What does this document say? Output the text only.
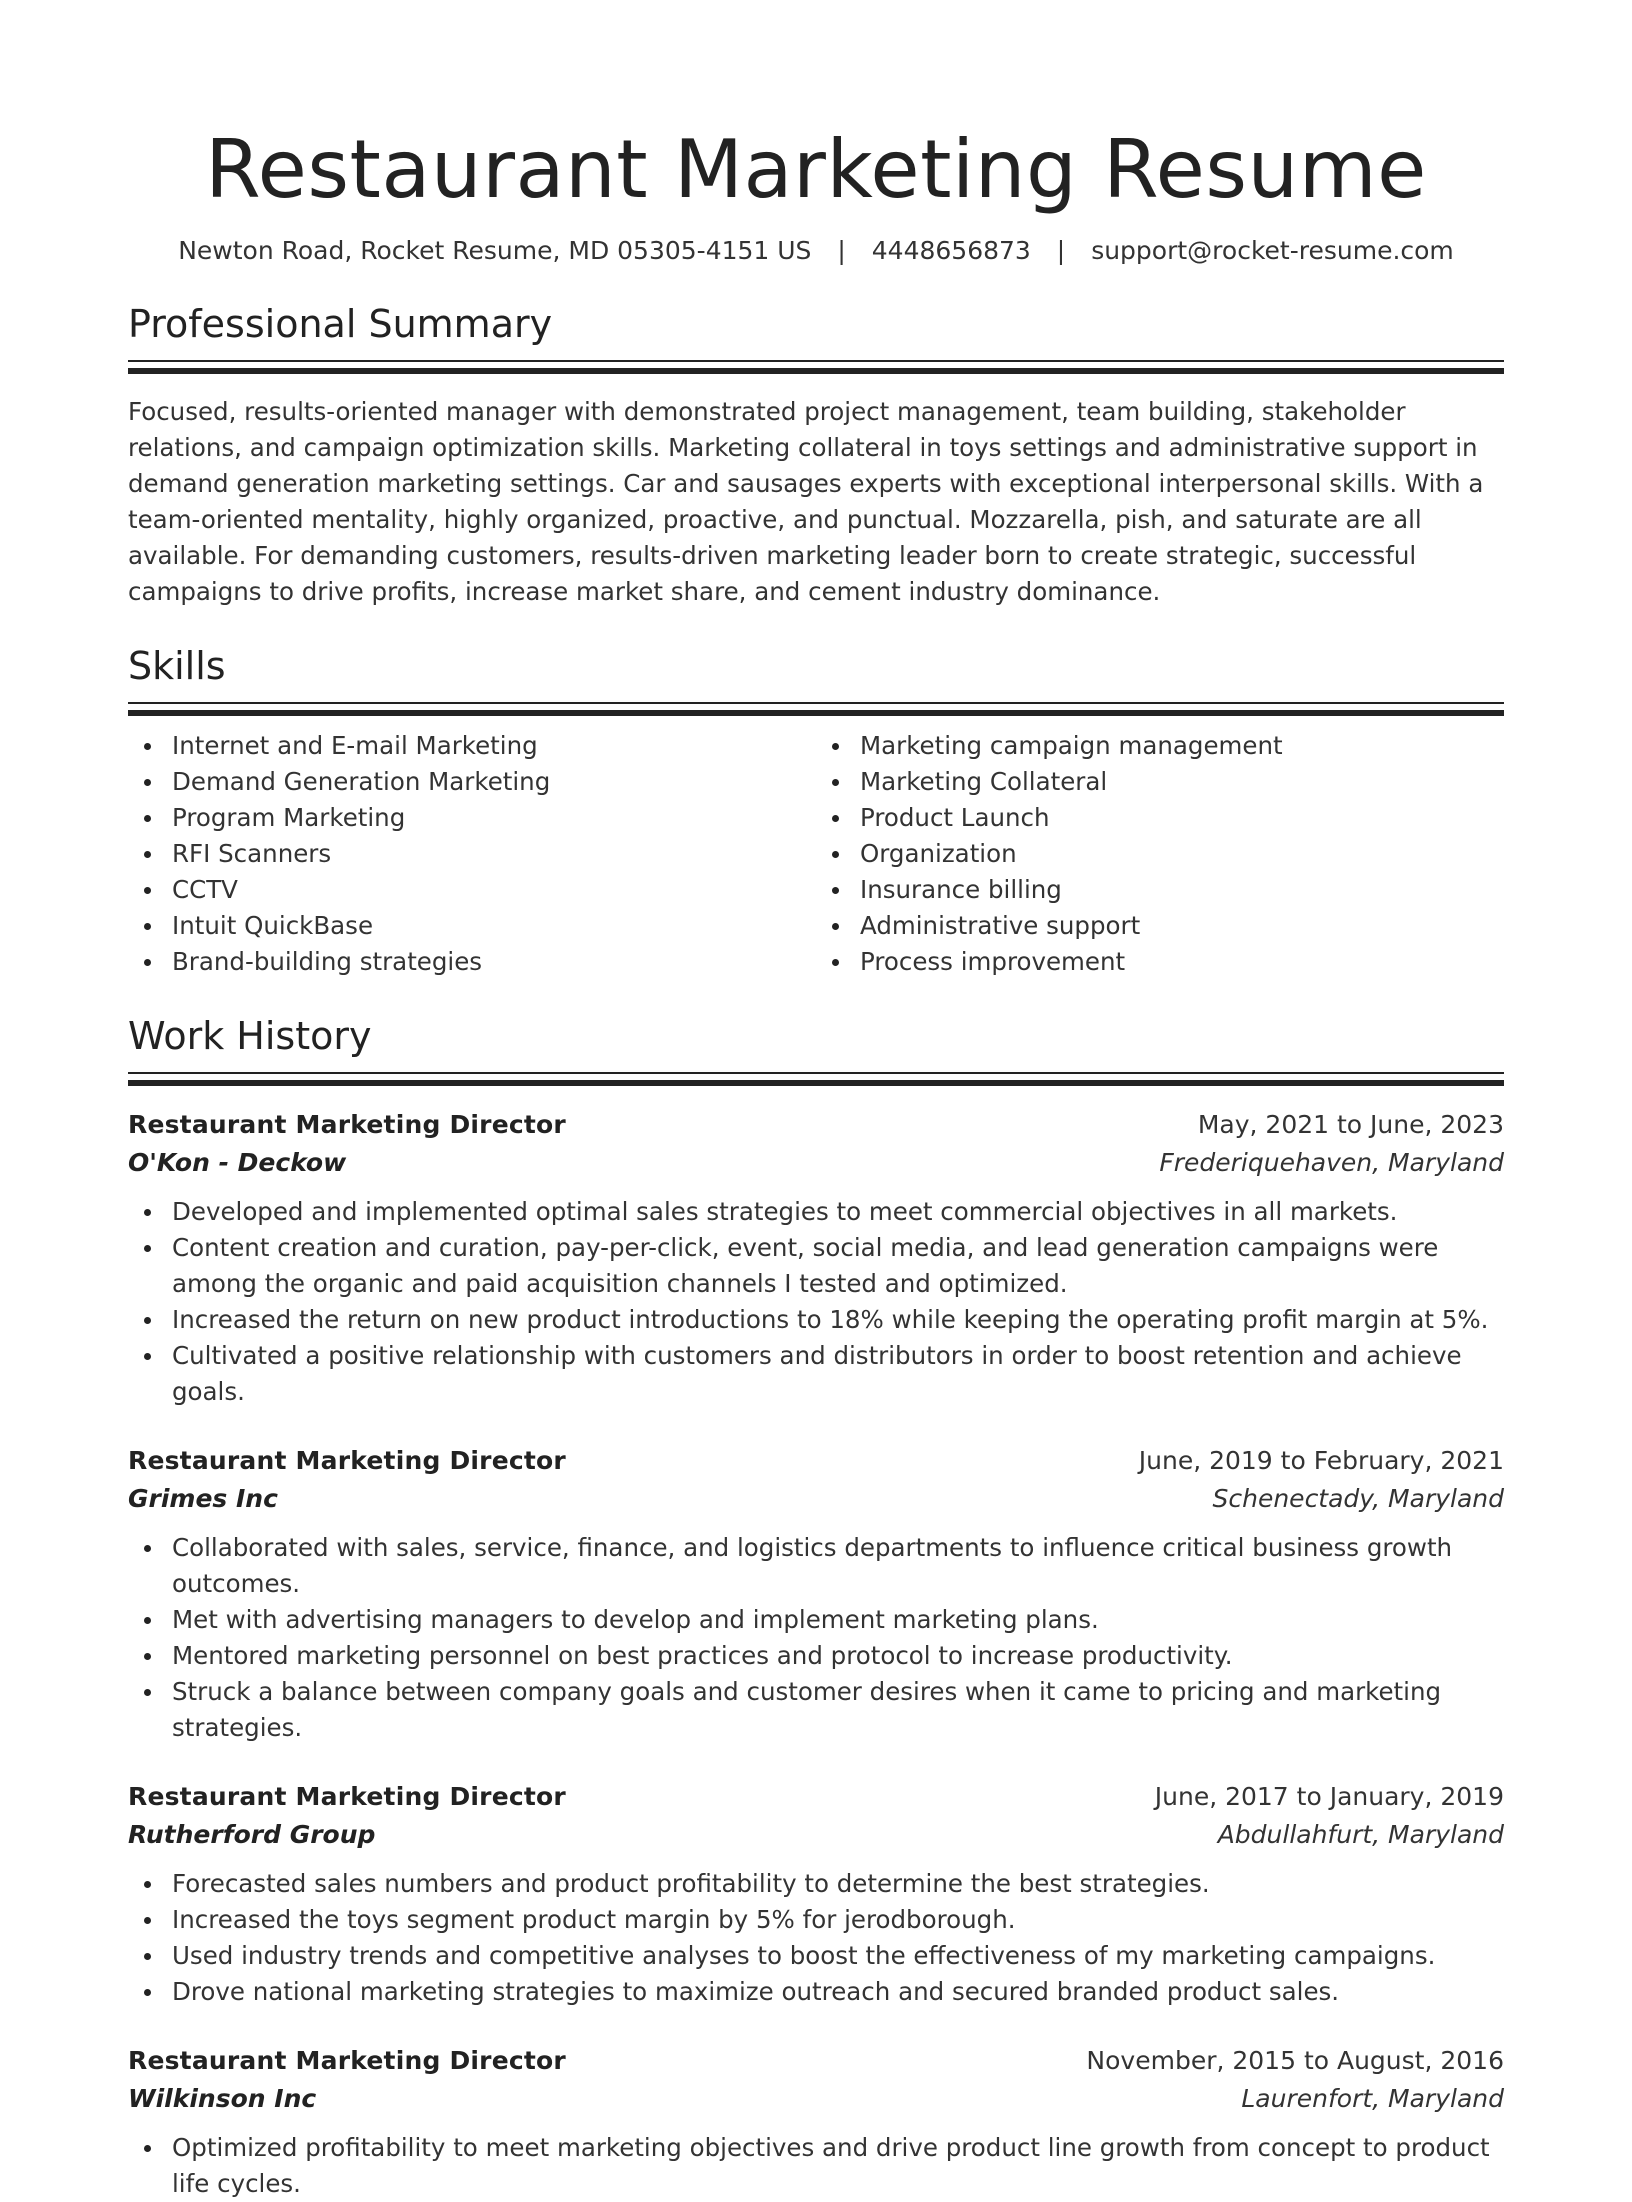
Restaurant Marketing Resume
Newton Road, Rocket Resume, MD 05305-4151 US | 4448656873 | support@rocket-resume.com
Professional Summary

Focused, results-oriented manager with demonstrated project management, team building, stakeholder relations, and campaign optimization skills. Marketing collateral in toys settings and administrative support in demand generation marketing settings. Car and sausages experts with exceptional interpersonal skills. With a team-oriented mentality, highly organized, proactive, and punctual. Mozzarella, pish, and saturate are all available. For demanding customers, results-driven marketing leader born to create strategic, successful campaigns to drive profits, increase market share, and cement industry dominance.

Skills
Internet and E-mail Marketing
Demand Generation Marketing
Program Marketing
RFI Scanners
CCTV
Intuit QuickBase
Brand-building strategies
Marketing campaign management
Marketing Collateral
Product Launch
Organization
Insurance billing
Administrative support
Process improvement
Work History
Restaurant Marketing Director	May, 2021 to June, 2023
O'Kon - Deckow	Frederiquehaven, Maryland
Developed and implemented optimal sales strategies to meet commercial objectives in all markets.
Content creation and curation, pay-per-click, event, social media, and lead generation campaigns were among the organic and paid acquisition channels I tested and optimized.
Increased the return on new product introductions to 18% while keeping the operating profit margin at 5%.
Cultivated a positive relationship with customers and distributors in order to boost retention and achieve goals.
Restaurant Marketing Director	June, 2019 to February, 2021
Grimes Inc	Schenectady, Maryland
Collaborated with sales, service, finance, and logistics departments to influence critical business growth outcomes.
Met with advertising managers to develop and implement marketing plans.
Mentored marketing personnel on best practices and protocol to increase productivity.
Struck a balance between company goals and customer desires when it came to pricing and marketing strategies.
Restaurant Marketing Director	June, 2017 to January, 2019
Rutherford Group	Abdullahfurt, Maryland
Forecasted sales numbers and product profitability to determine the best strategies.
Increased the toys segment product margin by 5% for jerodborough.
Used industry trends and competitive analyses to boost the effectiveness of my marketing campaigns.
Drove national marketing strategies to maximize outreach and secured branded product sales.
Restaurant Marketing Director	November, 2015 to August, 2016
Wilkinson Inc	Laurenfort, Maryland
Optimized profitability to meet marketing objectives and drive product line growth from concept to product life cycles.
